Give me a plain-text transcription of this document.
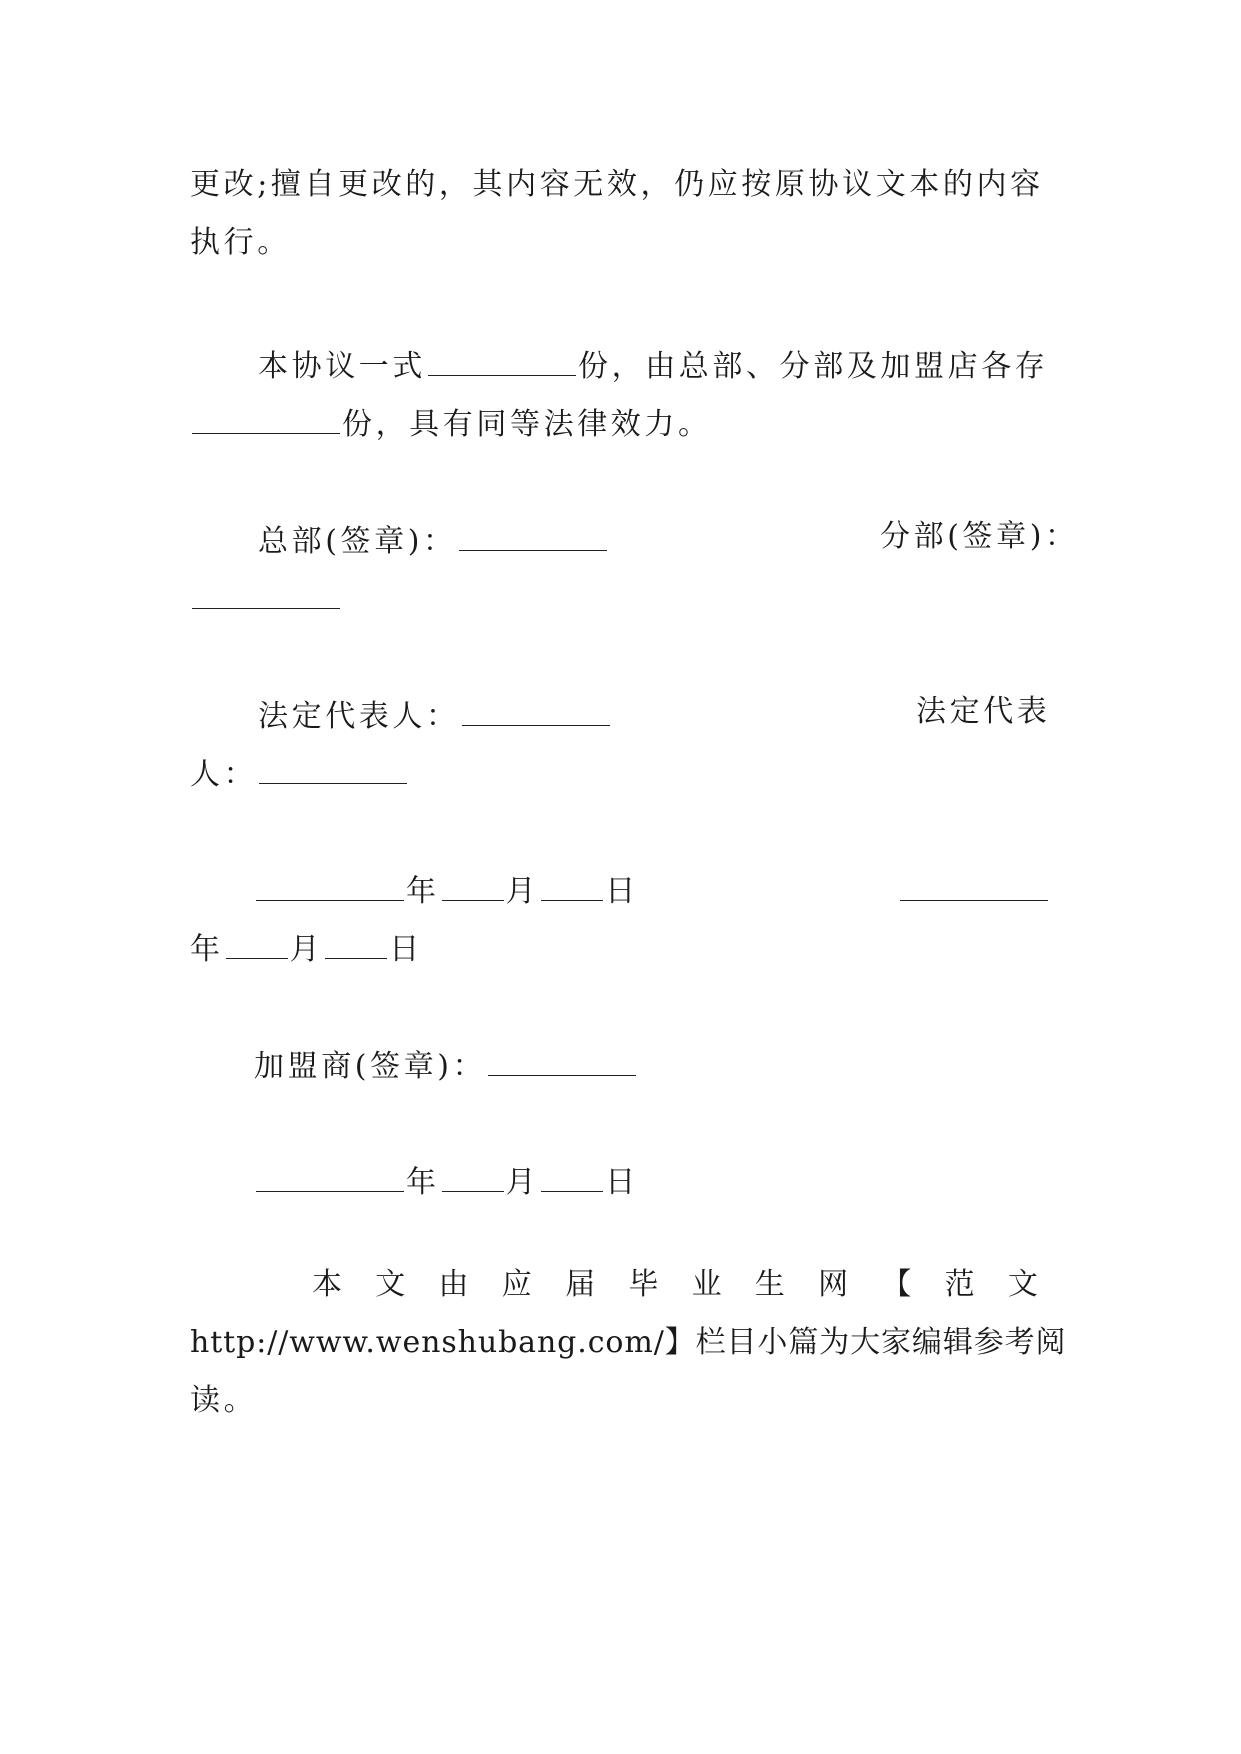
更改;擅自更改的，其内容无效，仍应按原协议文本的内容
执行。
本协议一式	份，由总部、分部及加盟店各存
份，具有同等法律效力。
总部(签章)：	分部(签章)：
法定代表人：	法定代表
人：
年 月 日
年 月 日
加盟商(签章)：
年 月 日
本 文 由 应 届 毕 业 生 网 【 范 文
http://www.wenshubang.com/】栏目小篇为大家编辑参考阅
读。
